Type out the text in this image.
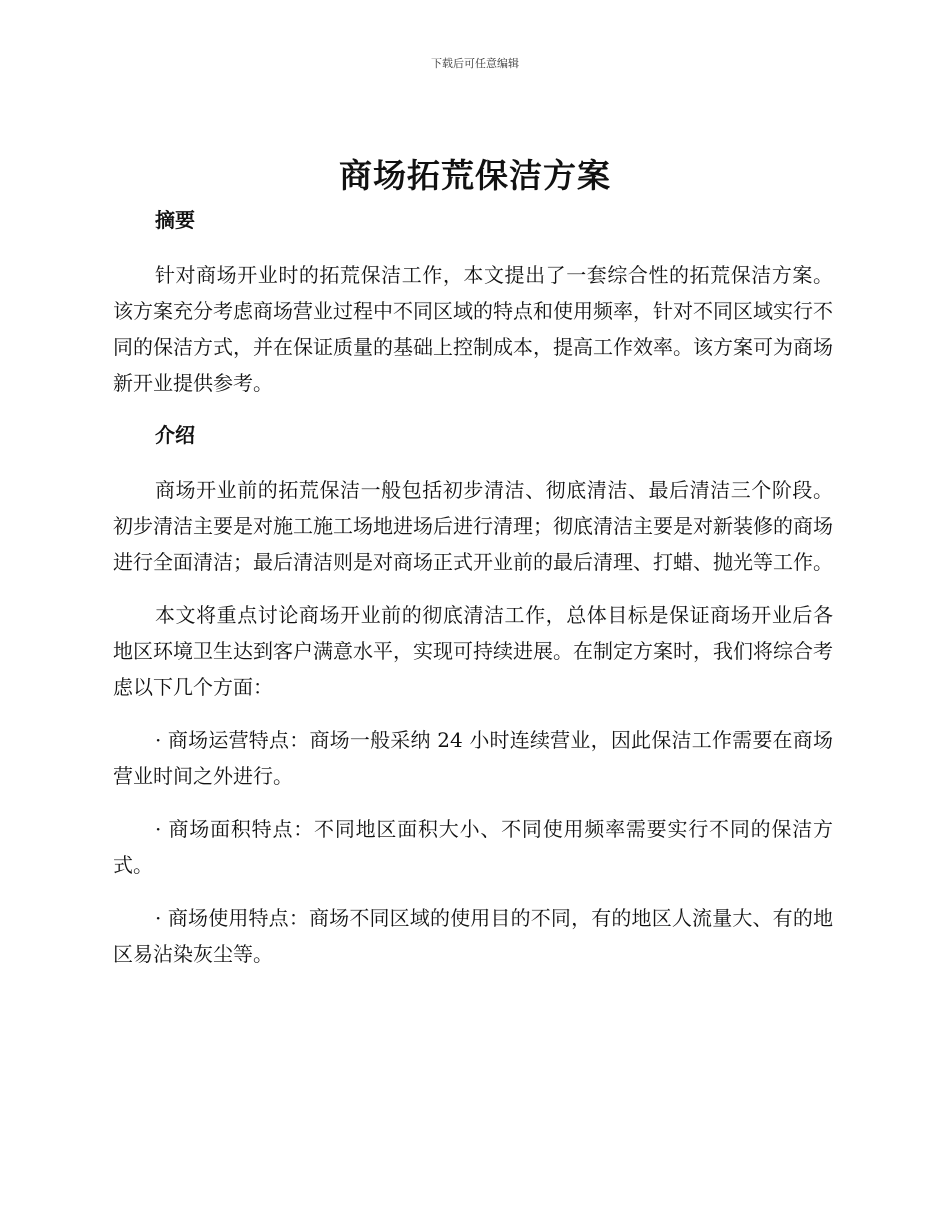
下载后可任意编辑
商场拓荒保洁方案
摘要

针对商场开业时的拓荒保洁工作，本文提出了一套综合性的拓荒保洁方案。该方案充分考虑商场营业过程中不同区域的特点和使用频率，针对不同区域实行不同的保洁方式，并在保证质量的基础上控制成本，提高工作效率。该方案可为商场新开业提供参考。

介绍

商场开业前的拓荒保洁一般包括初步清洁、彻底清洁、最后清洁三个阶段。初步清洁主要是对施工施工场地进场后进行清理；彻底清洁主要是对新装修的商场进行全面清洁；最后清洁则是对商场正式开业前的最后清理、打蜡、抛光等工作。

本文将重点讨论商场开业前的彻底清洁工作，总体目标是保证商场开业后各地区环境卫生达到客户满意水平，实现可持续进展。在制定方案时，我们将综合考虑以下几个方面：

· 商场运营特点：商场一般采纳 24 小时连续营业，因此保洁工作需要在商场营业时间之外进行。

· 商场面积特点：不同地区面积大小、不同使用频率需要实行不同的保洁方式。

· 商场使用特点：商场不同区域的使用目的不同，有的地区人流量大、有的地区易沾染灰尘等。
